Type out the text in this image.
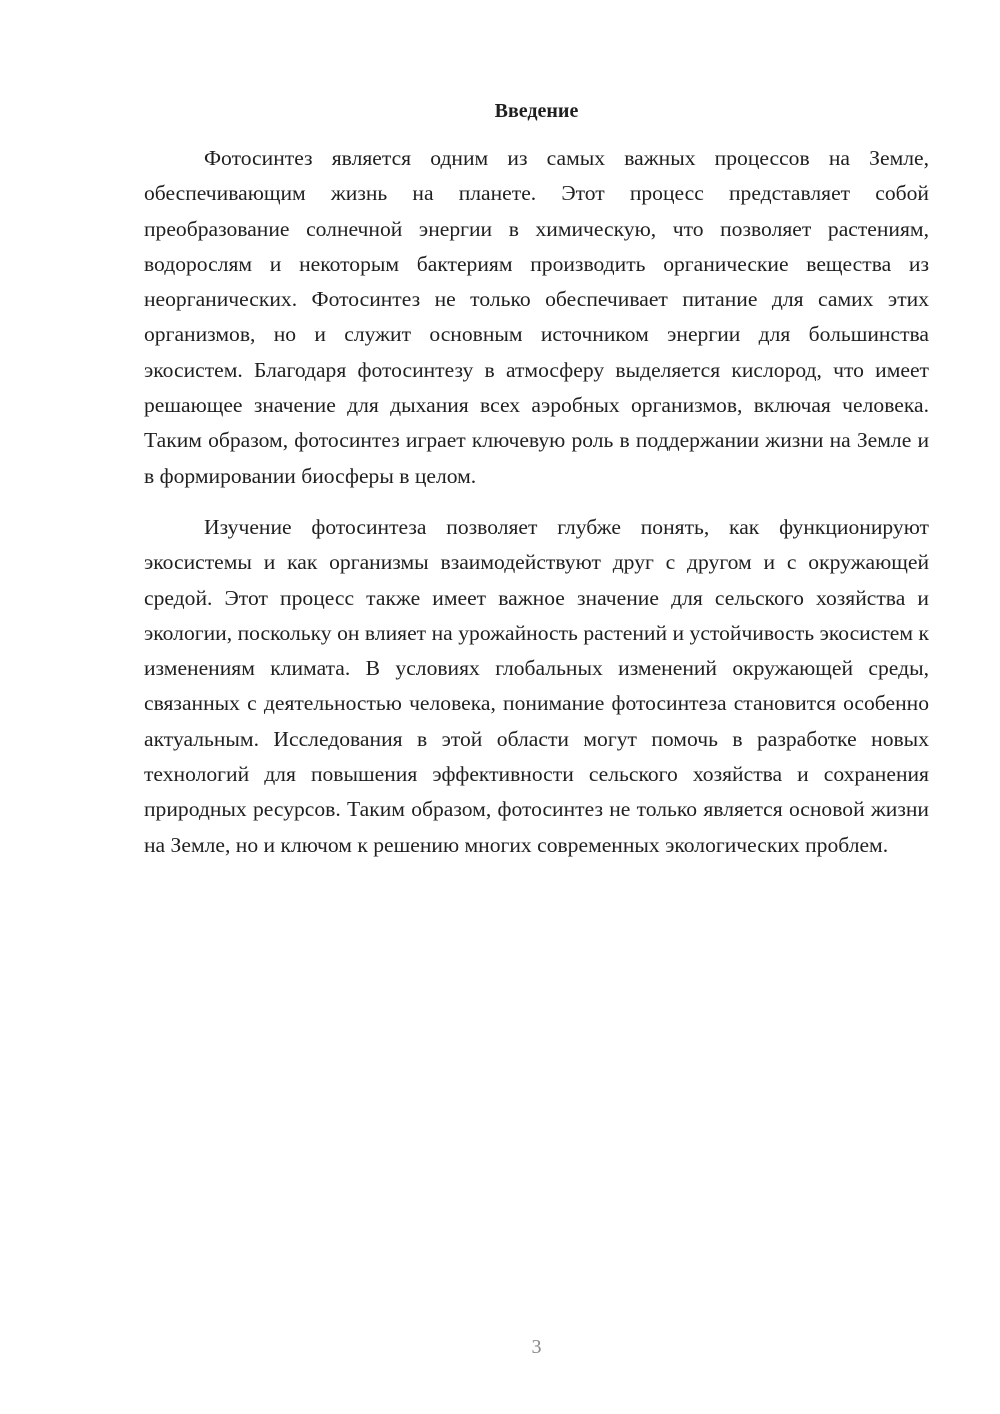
Введение

Фотосинтез является одним из самых важных процессов на Земле, обеспечивающим жизнь на планете. Этот процесс представляет собой преобразование солнечной энергии в химическую, что позволяет растениям, водорослям и некоторым бактериям производить органические вещества из неорганических. Фотосинтез не только обеспечивает питание для самих этих организмов, но и служит основным источником энергии для большинства экосистем. Благодаря фотосинтезу в атмосферу выделяется кислород, что имеет решающее значение для дыхания всех аэробных организмов, включая человека. Таким образом, фотосинтез играет ключевую роль в поддержании жизни на Земле и в формировании биосферы в целом.

Изучение фотосинтеза позволяет глубже понять, как функционируют экосистемы и как организмы взаимодействуют друг с другом и с окружающей средой. Этот процесс также имеет важное значение для сельского хозяйства и экологии, поскольку он влияет на урожайность растений и устойчивость экосистем к изменениям климата. В условиях глобальных изменений окружающей среды, связанных с деятельностью человека, понимание фотосинтеза становится особенно актуальным. Исследования в этой области могут помочь в разработке новых технологий для повышения эффективности сельского хозяйства и сохранения природных ресурсов. Таким образом, фотосинтез не только является основой жизни на Земле, но и ключом к решению многих современных экологических проблем.

3
